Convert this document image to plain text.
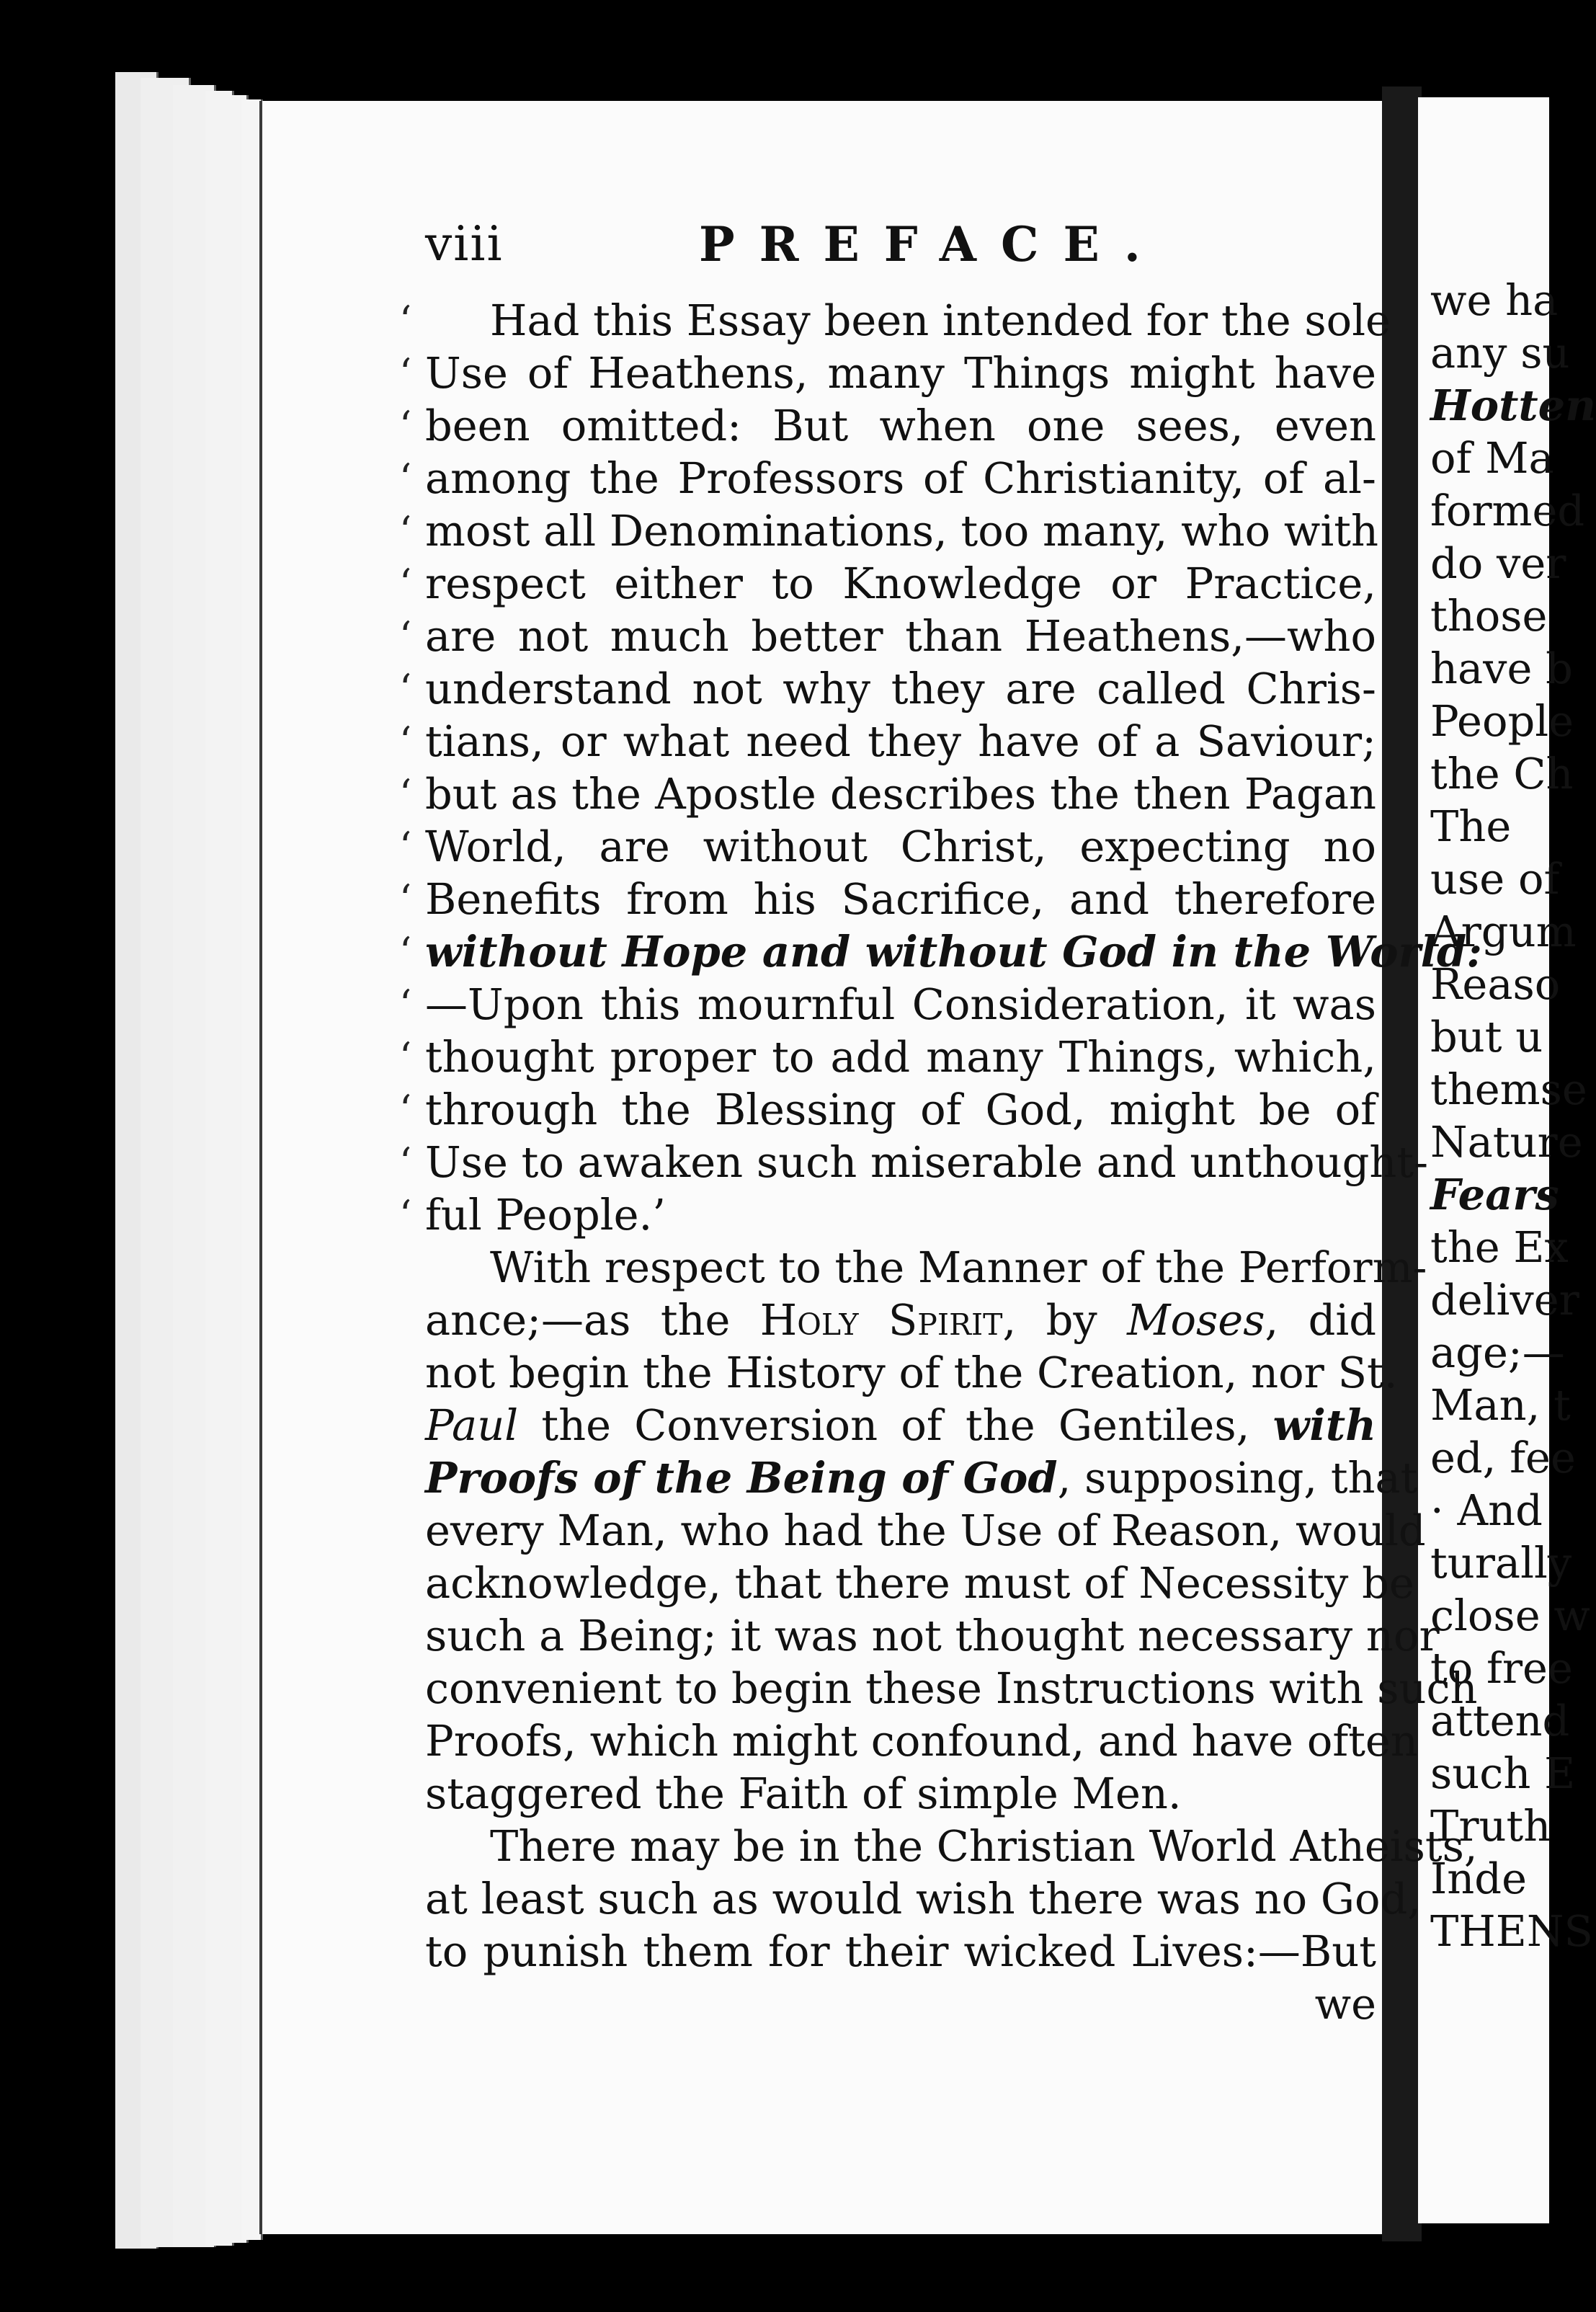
viii	PREFACE.
‘ Had this Essay been intended for the sole
‘ Use of Heathens, many Things might have
‘ been omitted: But when one sees, even
‘ among the Professors of Christianity, of al-
‘ most all Denominations, too many, who with
‘ respect either to Knowledge or Practice,
‘ are not much better than Heathens,—who
‘ understand not why they are called Chris-
‘ tians, or what need they have of a Saviour;
‘ but as the Apostle describes the then Pagan
‘ World, are without Christ, expecting no
‘ Benefits from his Sacrifice, and therefore
‘ without Hope and without God in the World:
‘ —Upon this mournful Consideration, it was
‘ thought proper to add many Things, which,
‘ through the Blessing of God, might be of
‘ Use to awaken such miserable and unthought-
‘ ful People.’
With respect to the Manner of the Perform-
ance;—as the Holy Spirit, by Moses, did
not begin the History of the Creation, nor St.
Paul the Conversion of the Gentiles, with
Proofs of the Being of God, supposing, that
every Man, who had the Use of Reason, would
acknowledge, that there must of Necessity be
such a Being; it was not thought necessary nor
convenient to begin these Instructions with such
Proofs, which might confound, and have often
staggered the Faith of simple Men.
There may be in the Christian World Atheists,
at least such as would wish there was no God,
to punish them for their wicked Lives:—But
we
we ha
any su
Hotten
of Ma
formed
do ver
those
have b
People
the Ch
The
use of
Argum
Reaso
but u
themse
Nature
Fears
the Ex
deliver
age;—
Man, t
ed, fee
· And
turally
close w
to free
attend
such E
Truth
Inde
THENS
